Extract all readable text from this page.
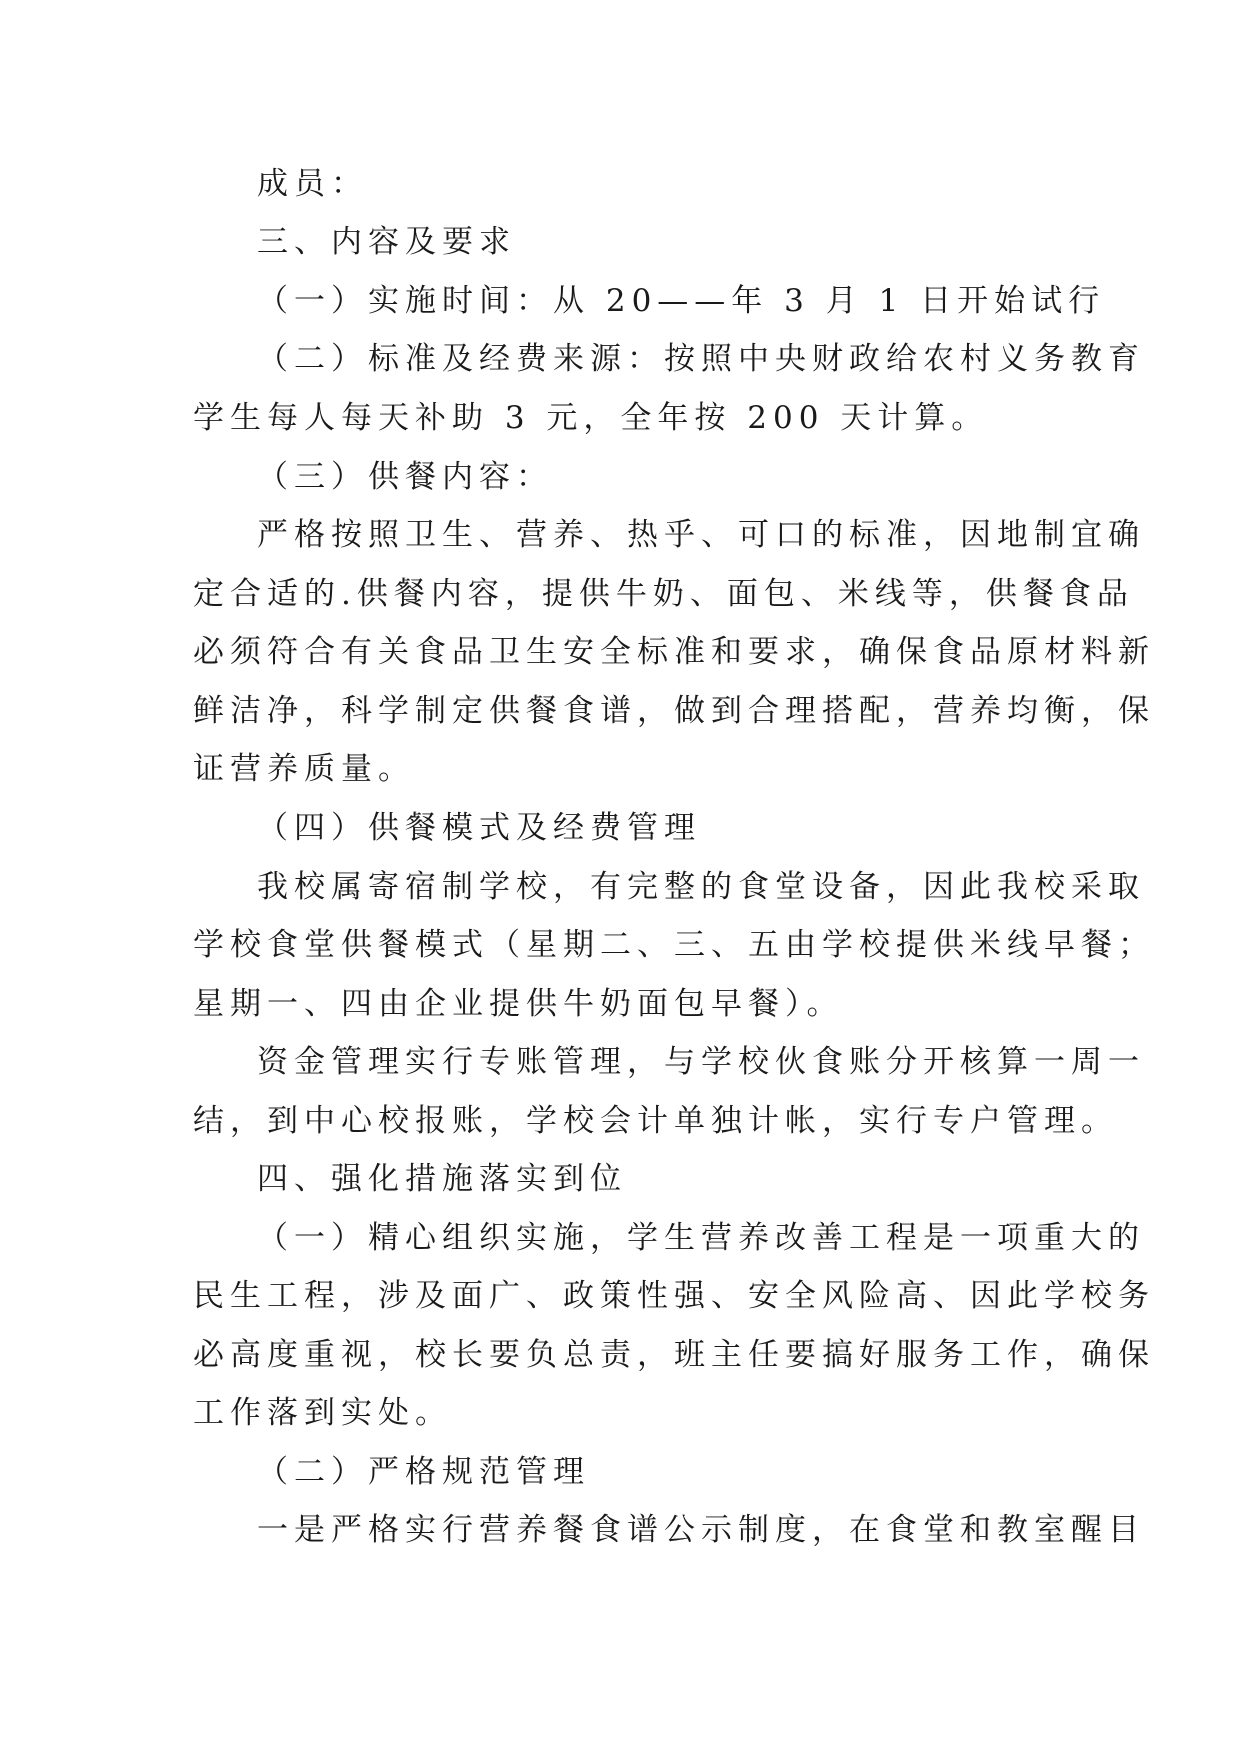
成员：
三、内容及要求
（一）实施时间：从 20——年 3 月 1 日开始试行
（二）标准及经费来源：按照中央财政给农村义务教育
学生每人每天补助 3 元，全年按 200 天计算。
（三）供餐内容：
严格按照卫生、营养、热乎、可口的标准，因地制宜确
定合适的.供餐内容，提供牛奶、面包、米线等，供餐食品
必须符合有关食品卫生安全标准和要求，确保食品原材料新
鲜洁净，科学制定供餐食谱，做到合理搭配，营养均衡，保
证营养质量。
（四）供餐模式及经费管理
我校属寄宿制学校，有完整的食堂设备，因此我校采取
学校食堂供餐模式（星期二、三、五由学校提供米线早餐；
星期一、四由企业提供牛奶面包早餐）。
资金管理实行专账管理，与学校伙食账分开核算一周一
结，到中心校报账，学校会计单独计帐，实行专户管理。
四、强化措施落实到位
（一）精心组织实施，学生营养改善工程是一项重大的
民生工程，涉及面广、政策性强、安全风险高、因此学校务
必高度重视，校长要负总责，班主任要搞好服务工作，确保
工作落到实处。
（二）严格规范管理
一是严格实行营养餐食谱公示制度，在食堂和教室醒目
